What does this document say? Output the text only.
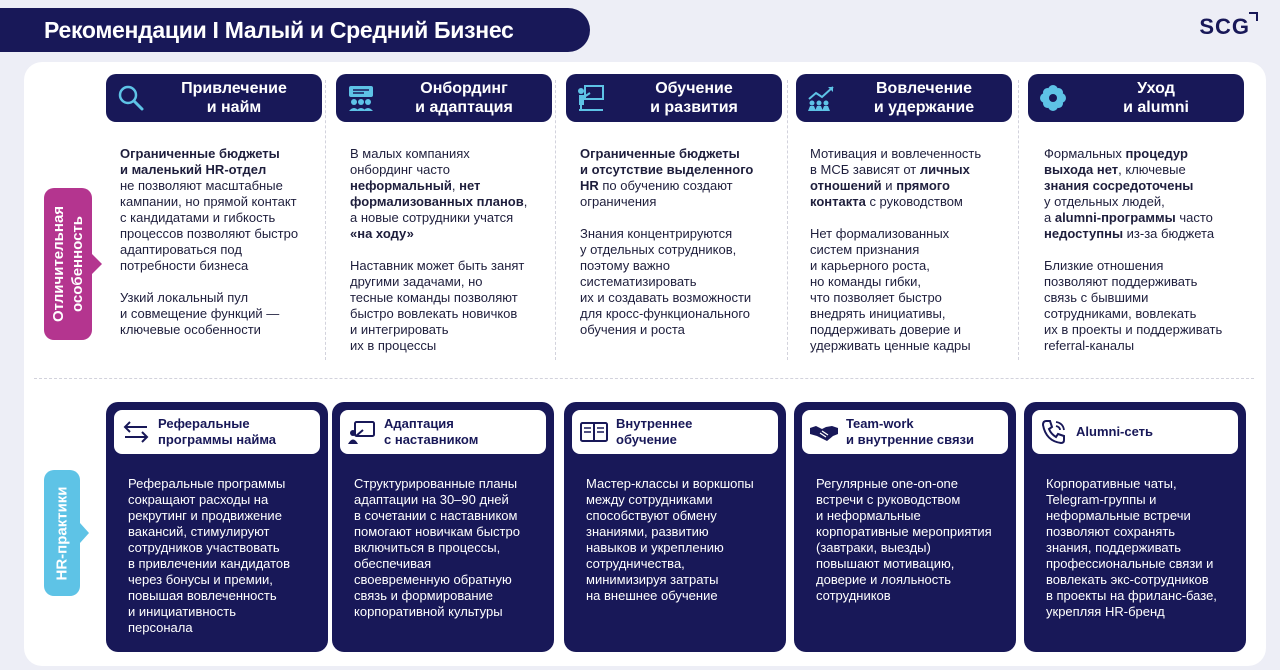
Рекомендации I Малый и Средний Бизнес	SCG
Отличительная
особенность
HR-практики
Привлечение
и найм

Ограниченные бюджеты
и маленький HR-отдел
не позволяют масштабные
кампании, но прямой контакт
с кандидатами и гибкость
процессов позволяют быстро
адаптироваться под
потребности бизнеса

Узкий локальный пул
и совмещение функций —
ключевые особенности

Реферальные
программы найма
Реферальные программы
сокращают расходы на
рекрутинг и продвижение
вакансий, стимулируют
сотрудников участвовать
в привлечении кандидатов
через бонусы и премии,
повышая вовлеченность
и инициативность
персонала
Онбординг
и адаптация

В малых компаниях
онбординг часто
неформальный, нет
формализованных планов,
а новые сотрудники учатся
«на ходу»

Наставник может быть занят
другими задачами, но
тесные команды позволяют
быстро вовлекать новичков
и интегрировать
их в процессы

Адаптация
с наставником
Структурированные планы
адаптации на 30–90 дней
в сочетании с наставником
помогают новичкам быстро
включиться в процессы,
обеспечивая
своевременную обратную
связь и формирование
корпоративной культуры
Обучение
и развития

Ограниченные бюджеты
и отсутствие выделенного
HR по обучению создают
ограничения

Знания концентрируются
у отдельных сотрудников,
поэтому важно
систематизировать
их и создавать возможности
для кросс-функционального
обучения и роста

Внутреннее
обучение
Мастер-классы и воркшопы
между сотрудниками
способствуют обмену
знаниями, развитию
навыков и укреплению
сотрудничества,
минимизируя затраты
на внешнее обучение
Вовлечение
и удержание

Мотивация и вовлеченность
в МСБ зависят от личных
отношений и прямого
контакта с руководством

Нет формализованных
систем признания
и карьерного роста,
но команды гибки,
что позволяет быстро
внедрять инициативы,
поддерживать доверие и
удерживать ценные кадры

Team-work
и внутренние связи
Регулярные one-on-one
встречи с руководством
и неформальные
корпоративные мероприятия
(завтраки, выезды)
повышают мотивацию,
доверие и лояльность
сотрудников
Уход
и alumni

Формальных процедур
выхода нет, ключевые
знания сосредоточены
у отдельных людей,
а alumni-программы часто
недоступны из-за бюджета

Близкие отношения
позволяют поддерживать
связь с бывшими
сотрудниками, вовлекать
их в проекты и поддерживать
referral-каналы

Alumni-сеть
Корпоративные чаты,
Telegram-группы и
неформальные встречи
позволяют сохранять
знания, поддерживать
профессиональные связи и
вовлекать экс-сотрудников
в проекты на фриланс-базе,
укрепляя HR-бренд
